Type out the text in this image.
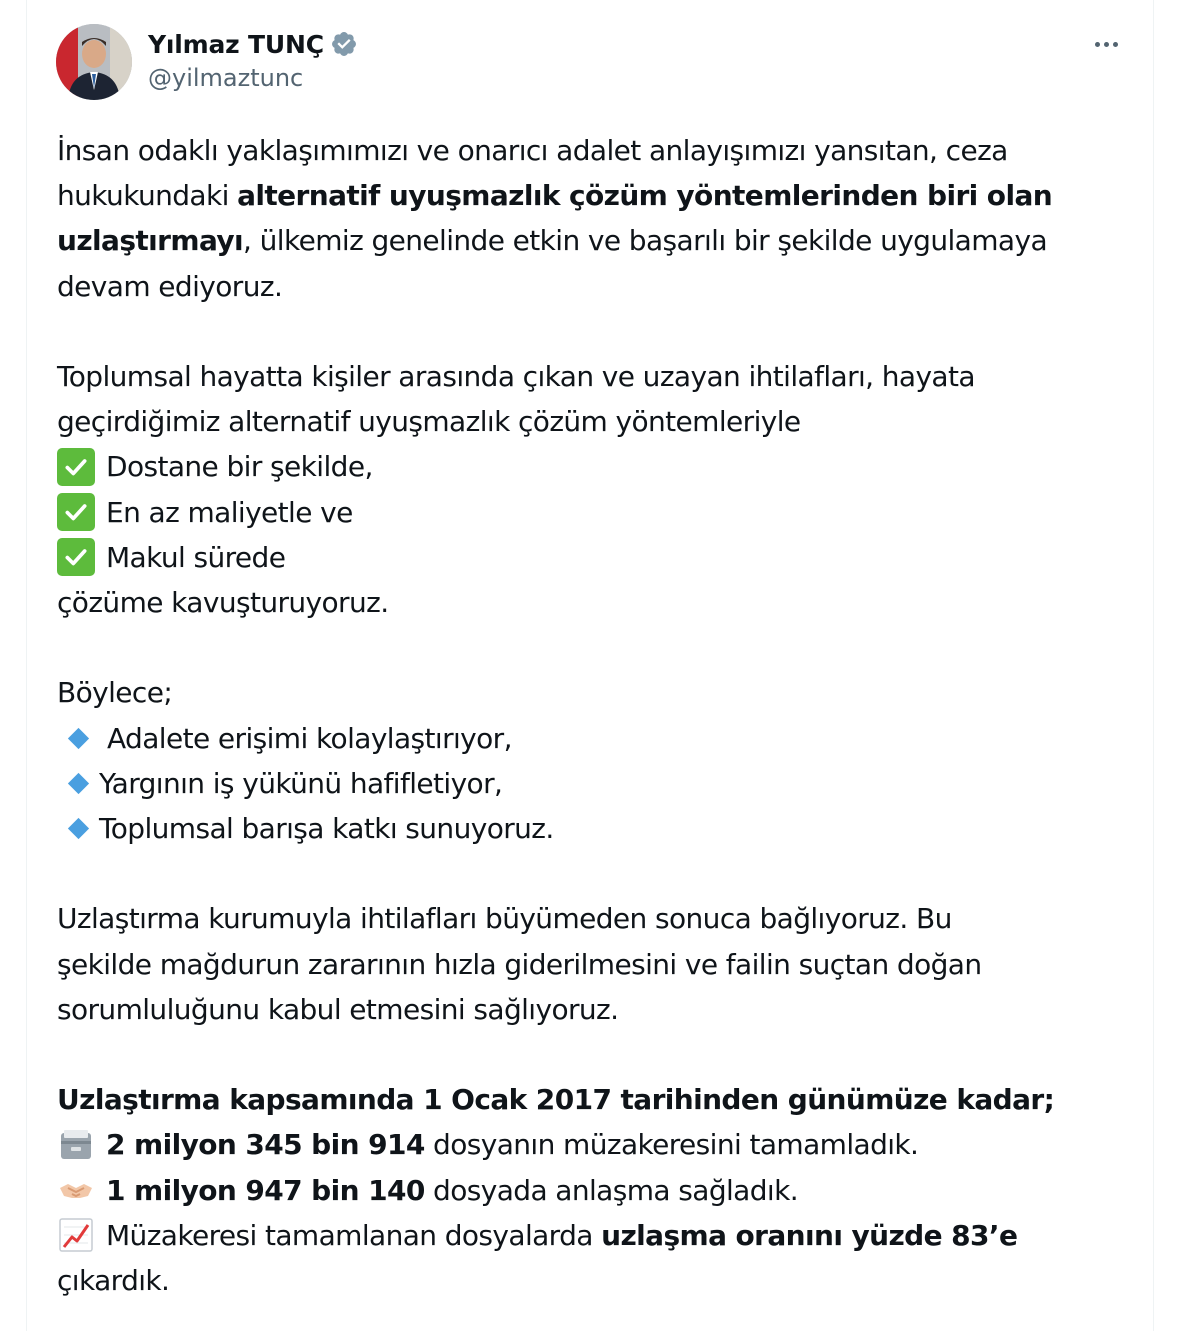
Yılmaz TUNÇ
@yilmaztunc

İnsan odaklı yaklaşımımızı ve onarıcı adalet anlayışımızı yansıtan, ceza
hukukundaki alternatif uyuşmazlık çözüm yöntemlerinden biri olan
uzlaştırmayı, ülkemiz genelinde etkin ve başarılı bir şekilde uygulamaya
devam ediyoruz.

Toplumsal hayatta kişiler arasında çıkan ve uzayan ihtilafları, hayata
geçirdiğimiz alternatif uyuşmazlık çözüm yöntemleriyle

Dostane bir şekilde,
En az maliyetle ve
Makul sürede

çözüme kavuşturuyoruz.

Böylece;

Adalete erişimi kolaylaştırıyor,
Yargının iş yükünü hafifletiyor,
Toplumsal barışa katkı sunuyoruz.

Uzlaştırma kurumuyla ihtilafları büyümeden sonuca bağlıyoruz. Bu
şekilde mağdurun zararının hızla giderilmesini ve failin suçtan doğan
sorumluluğunu kabul etmesini sağlıyoruz.

Uzlaştırma kapsamında 1 Ocak 2017 tarihinden günümüze kadar;

2 milyon 345 bin 914 dosyanın müzakeresini tamamladık.
1 milyon 947 bin 140 dosyada anlaşma sağladık.
Müzakeresi tamamlanan dosyalarda uzlaşma oranını yüzde 83’e

çıkardık.
